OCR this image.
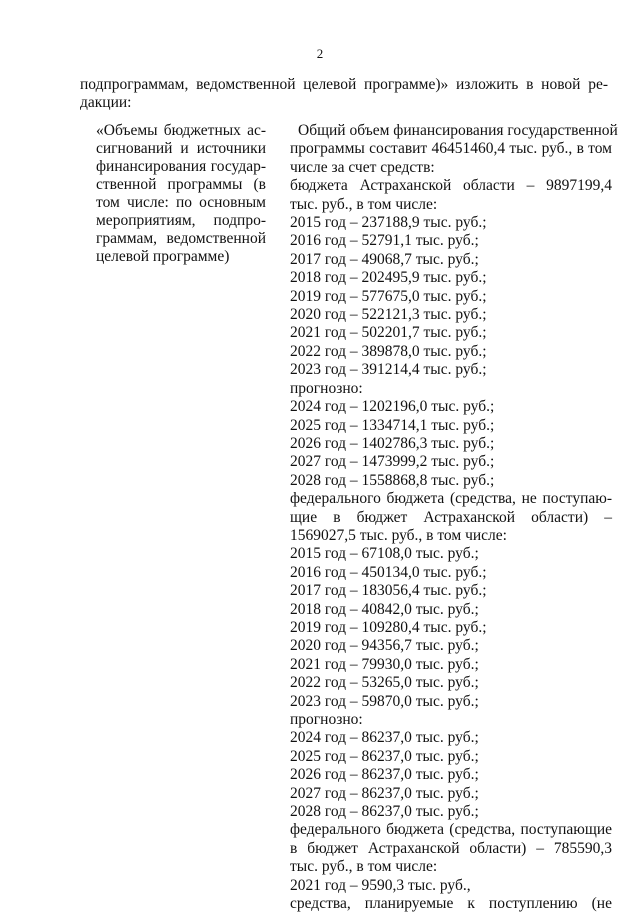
2
подпрограммам, ведомственной целевой программе)» изложить в новой ре-
дакции:
«Объемы бюджетных ас-
сигнований и источники
финансирования государ-
ственной программы (в
том числе: по основным
мероприятиям, подпро-
граммам, ведомственной
целевой программе)
Общий объем финансирования государственной
программы составит 46451460,4 тыс. руб., в том
числе за счет средств:
бюджета Астраханской области – 9897199,4
тыс. руб., в том числе:
2015 год – 237188,9 тыс. руб.;
2016 год – 52791,1 тыс. руб.;
2017 год – 49068,7 тыс. руб.;
2018 год – 202495,9 тыс. руб.;
2019 год – 577675,0 тыс. руб.;
2020 год – 522121,3 тыс. руб.;
2021 год – 502201,7 тыс. руб.;
2022 год – 389878,0 тыс. руб.;
2023 год – 391214,4 тыс. руб.;
прогнозно:
2024 год – 1202196,0 тыс. руб.;
2025 год – 1334714,1 тыс. руб.;
2026 год – 1402786,3 тыс. руб.;
2027 год – 1473999,2 тыс. руб.;
2028 год – 1558868,8 тыс. руб.;
федерального бюджета (средства, не поступаю-
щие в бюджет Астраханской области) –
1569027,5 тыс. руб., в том числе:
2015 год – 67108,0 тыс. руб.;
2016 год – 450134,0 тыс. руб.;
2017 год – 183056,4 тыс. руб.;
2018 год – 40842,0 тыс. руб.;
2019 год – 109280,4 тыс. руб.;
2020 год – 94356,7 тыс. руб.;
2021 год – 79930,0 тыс. руб.;
2022 год – 53265,0 тыс. руб.;
2023 год – 59870,0 тыс. руб.;
прогнозно:
2024 год – 86237,0 тыс. руб.;
2025 год – 86237,0 тыс. руб.;
2026 год – 86237,0 тыс. руб.;
2027 год – 86237,0 тыс. руб.;
2028 год – 86237,0 тыс. руб.;
федерального бюджета (средства, поступающие
в бюджет Астраханской области) – 785590,3
тыс. руб., в том числе:
2021 год – 9590,3 тыс. руб.,
средства, планируемые к поступлению (не
